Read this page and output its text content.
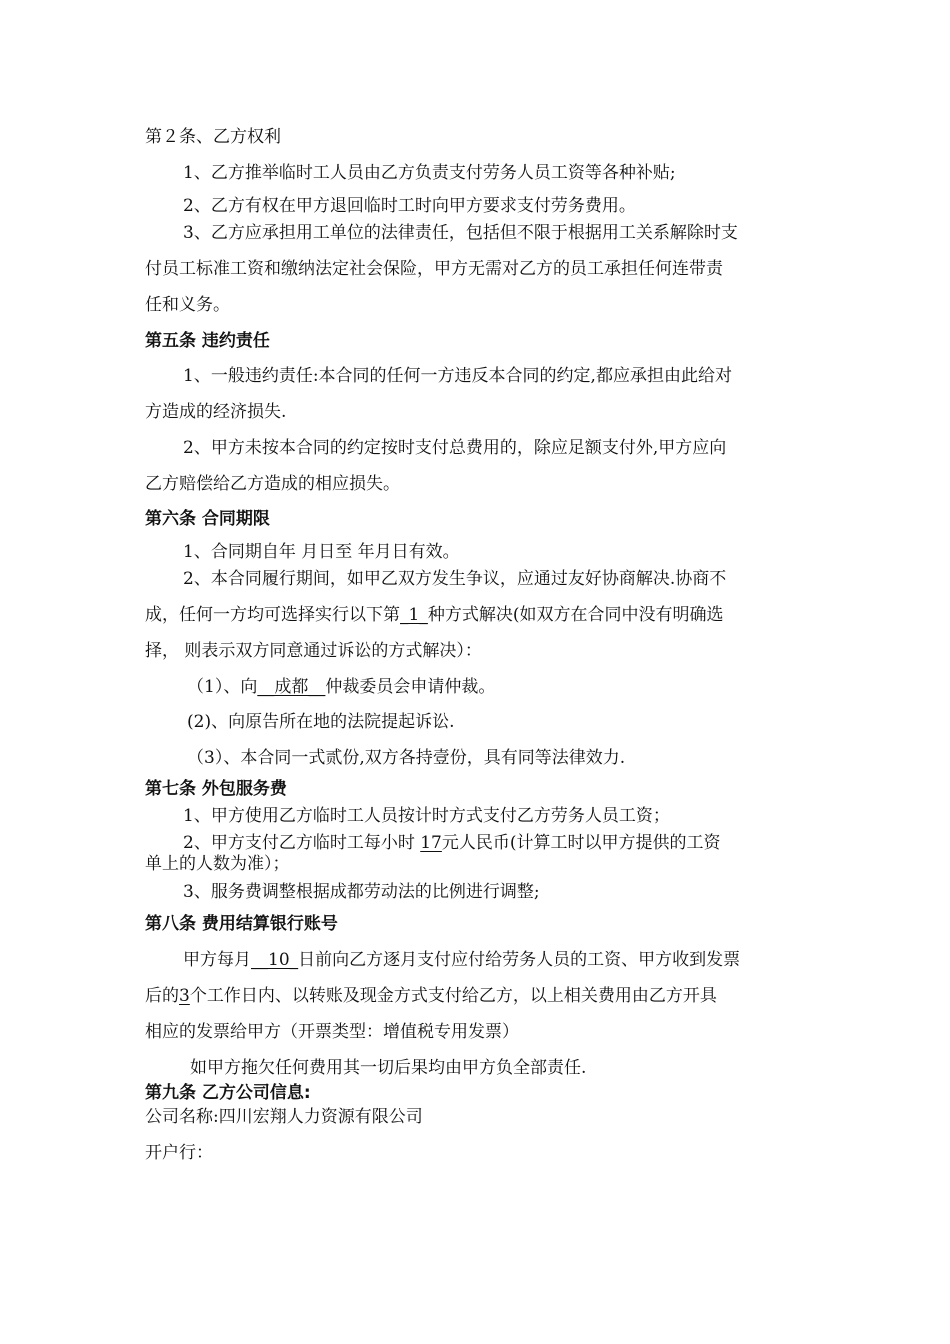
第２条、乙方权利
1、乙方推举临时工人员由乙方负责支付劳务人员工资等各种补贴;
2、乙方有权在甲方退回临时工时向甲方要求支付劳务费用。
3、乙方应承担用工单位的法律责任，包括但不限于根据用工关系解除时支
付员工标准工资和缴纳法定社会保险，甲方无需对乙方的员工承担任何连带责
任和义务。
第五条 违约责任
1、一般违约责任:本合同的任何一方违反本合同的约定,都应承担由此给对
方造成的经济损失.
2、甲方未按本合同的约定按时支付总费用的，除应足额支付外,甲方应向
乙方赔偿给乙方造成的相应损失。
第六条 合同期限
1、合同期自年 月日至 年月日有效。
2、本合同履行期间，如甲乙双方发生争议，应通过友好协商解决.协商不
成，任何一方均可选择实行以下第_1_种方式解决(如双方在合同中没有明确选
择， 则表示双方同意通过诉讼的方式解决）：
（1）、向__成都__仲裁委员会申请仲裁。
(2)、向原告所在地的法院提起诉讼.
（3）、本合同一式贰份,双方各持壹份，具有同等法律效力.
第七条 外包服务费
1、甲方使用乙方临时工人员按计时方式支付乙方劳务人员工资；
2、甲方支付乙方临时工每小时 17元人民币(计算工时以甲方提供的工资
单上的人数为准）；
3、服务费调整根据成都劳动法的比例进行调整;
第八条 费用结算银行账号
甲方每月__10_日前向乙方逐月支付应付给劳务人员的工资、甲方收到发票
后的3个工作日内、以转账及现金方式支付给乙方，以上相关费用由乙方开具
相应的发票给甲方（开票类型：增值税专用发票）
如甲方拖欠任何费用其一切后果均由甲方负全部责任.
第九条 乙方公司信息:
公司名称:四川宏翔人力资源有限公司
开户行：
